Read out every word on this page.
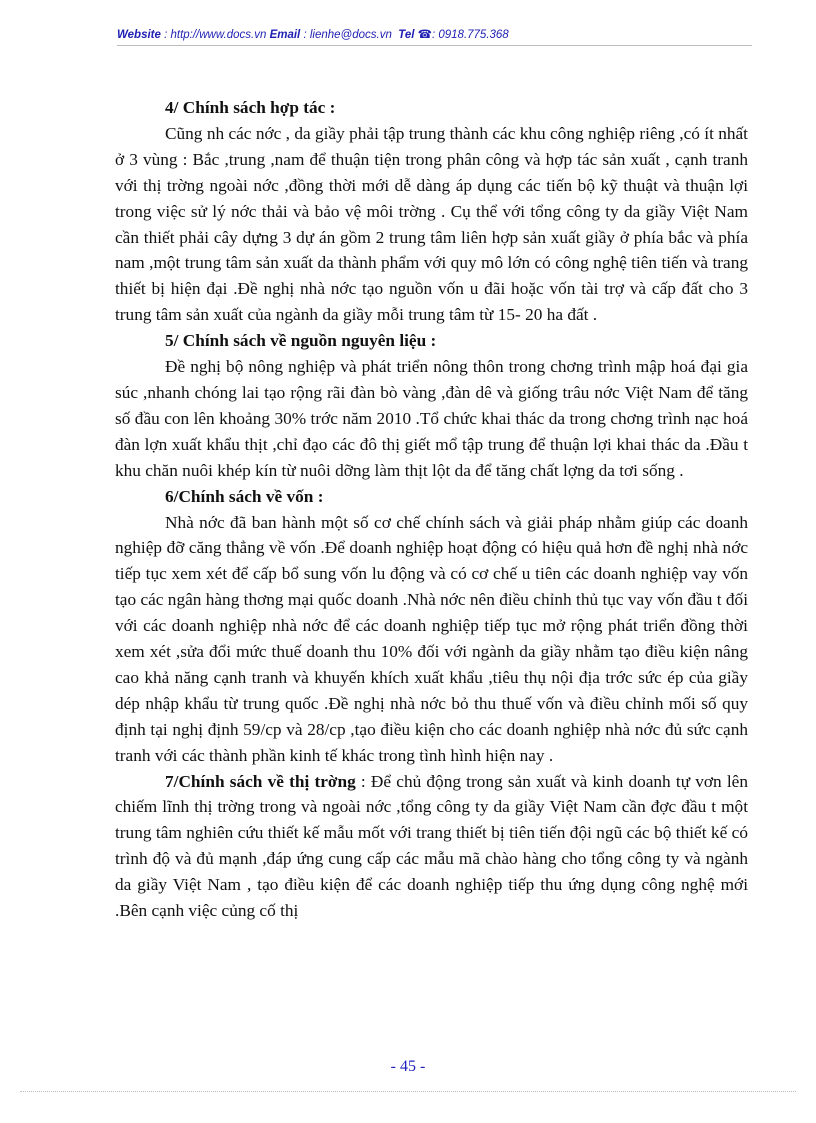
Website : http://www.docs.vn Email : lienhe@docs.vn Tel ☎: 0918.775.368
4/ Chính sách hợp tác :

Cũng nh các nớc , da giầy phải tập trung thành các khu công nghiệp riêng ,có ít nhất ở 3 vùng : Bắc ,trung ,nam để thuận tiện trong phân công và hợp tác sản xuất , cạnh tranh với thị trờng ngoài nớc ,đồng thời mới dễ dàng áp dụng các tiến bộ kỹ thuật và thuận lợi trong việc sử lý nớc thải và bảo vệ môi trờng . Cụ thể với tổng công ty da giầy Việt Nam cần thiết phải cây dựng 3 dự án gồm 2 trung tâm liên hợp sản xuất giầy ở phía bắc và phía nam ,một trung tâm sản xuất da thành phẩm với quy mô lớn có công nghệ tiên tiến và trang thiết bị hiện đại .Đề nghị nhà nớc tạo nguồn vốn u đãi hoặc vốn tài trợ và cấp đất cho 3 trung tâm sản xuất của ngành da giầy mỗi trung tâm từ 15- 20 ha đất .

5/ Chính sách về nguồn nguyên liệu :

Đề nghị bộ nông nghiệp và phát triển nông thôn trong chơng trình mập hoá đại gia súc ,nhanh chóng lai tạo rộng rãi đàn bò vàng ,đàn dê và giống trâu nớc Việt Nam để tăng số đầu con lên khoảng 30% trớc năm 2010 .Tổ chức khai thác da trong chơng trình nạc hoá đàn lợn xuất khẩu thịt ,chỉ đạo các đô thị giết mổ tập trung để thuận lợi khai thác da .Đầu t khu chăn nuôi khép kín từ nuôi dỡng làm thịt lột da để tăng chất lợng da tơi sống .

6/Chính sách về vốn :

Nhà nớc đã ban hành một số cơ chế chính sách và giải pháp nhằm giúp các doanh nghiệp đỡ căng thẳng về vốn .Để doanh nghiệp hoạt động có hiệu quả hơn đề nghị nhà nớc tiếp tục xem xét để cấp bổ sung vốn lu động và có cơ chế u tiên các doanh nghiệp vay vốn tạo các ngân hàng thơng mại quốc doanh .Nhà nớc nên điều chỉnh thủ tục vay vốn đầu t đối với các doanh nghiệp nhà nớc để các doanh nghiệp tiếp tục mở rộng phát triển đồng thời xem xét ,sửa đổi mức thuế doanh thu 10% đối với ngành da giầy nhằm tạo điều kiện nâng cao khả năng cạnh tranh và khuyến khích xuất khẩu ,tiêu thụ nội địa trớc sức ép của giầy dép nhập khẩu từ trung quốc .Đề nghị nhà nớc bỏ thu thuế vốn và điều chỉnh mối số quy định tại nghị định 59/cp và 28/cp ,tạo điều kiện cho các doanh nghiệp nhà nớc đủ sức cạnh tranh với các thành phần kinh tế khác trong tình hình hiện nay .

7/Chính sách về thị trờng : Để chủ động trong sản xuất và kinh doanh tự vơn lên chiếm lĩnh thị trờng trong và ngoài nớc ,tổng công ty da giầy Việt Nam cần đợc đầu t một trung tâm nghiên cứu thiết kế mẫu mốt với trang thiết bị tiên tiến đội ngũ các bộ thiết kế có trình độ và đủ mạnh ,đáp ứng cung cấp các mẫu mã chào hàng cho tổng công ty và ngành da giầy Việt Nam , tạo điều kiện để các doanh nghiệp tiếp thu ứng dụng công nghệ mới .Bên cạnh việc củng cố thị

- 45 -
